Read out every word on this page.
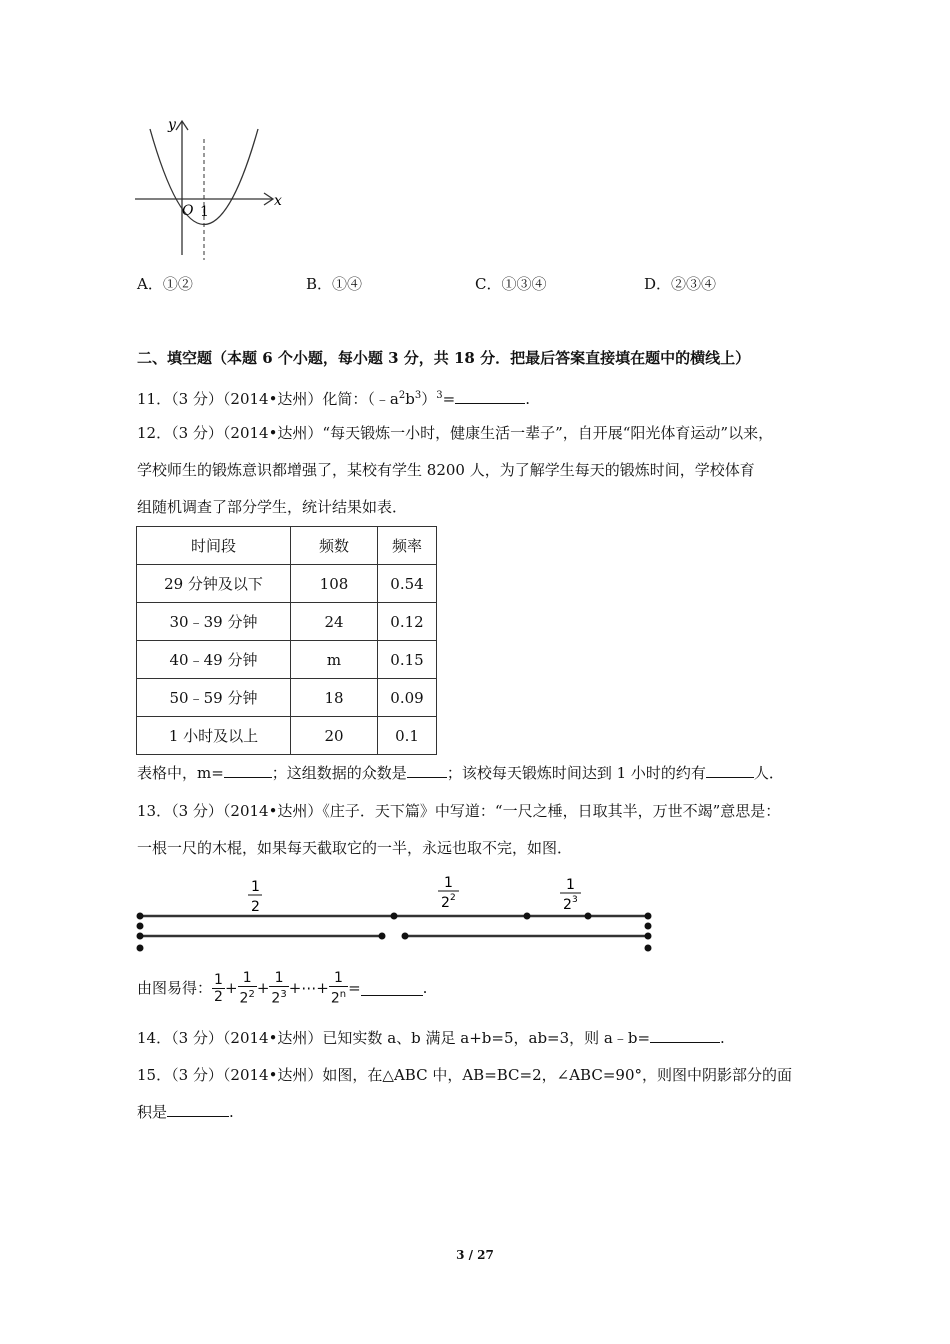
y
x
O 1
A．①②	B．①④	C．①③④	D．②③④
二、填空题（本题 6 个小题，每小题 3 分，共 18 分．把最后答案直接填在题中的横线上）
11．（3 分）（2014•达州）化简：$(﹣a^2b^3)^3=$	.
12．（3 分）（2014•达州）“每天锻炼一小时，健康生活一辈子”，自开展“阳光体育运动”以来，
学校师生的锻炼意识都增强了，某校有学生 8200 人，为了解学生每天的锻炼时间，学校体育
组随机调查了部分学生，统计结果如表．
时间段	频数	频率
29 分钟及以下	108	0.54
30﹣39 分钟	24	0.12
40﹣49 分钟	m	0.15
50﹣59 分钟	18	0.09
1 小时及以上	20	0.1
表格中，m=	；这组数据的众数是	；该校每天锻炼时间达到 1 小时的约有	人．
13．（3 分）（2014•达州）《庄子．天下篇》中写道：“一尺之棰，日取其半，万世不竭”意思是：
一根一尺的木棍，如果每天截取它的一半，永远也取不完，如图．
1
2
1
2 2
1
2 3
由图易得： $\frac{1}{2} + \frac{1}{2^2} + \frac{1}{2^3}$ +⋯+ $\frac{1}{2^n}$ =	.
14．（3 分）（2014•达州）已知实数 a、b 满足 a+b=5，ab=3，则 a﹣b=	.
15．（3 分）（2014•达州）如图，在△ABC 中，AB=BC=2，∠ABC=90°，则图中阴影部分的面
积是	.
3 / 27
